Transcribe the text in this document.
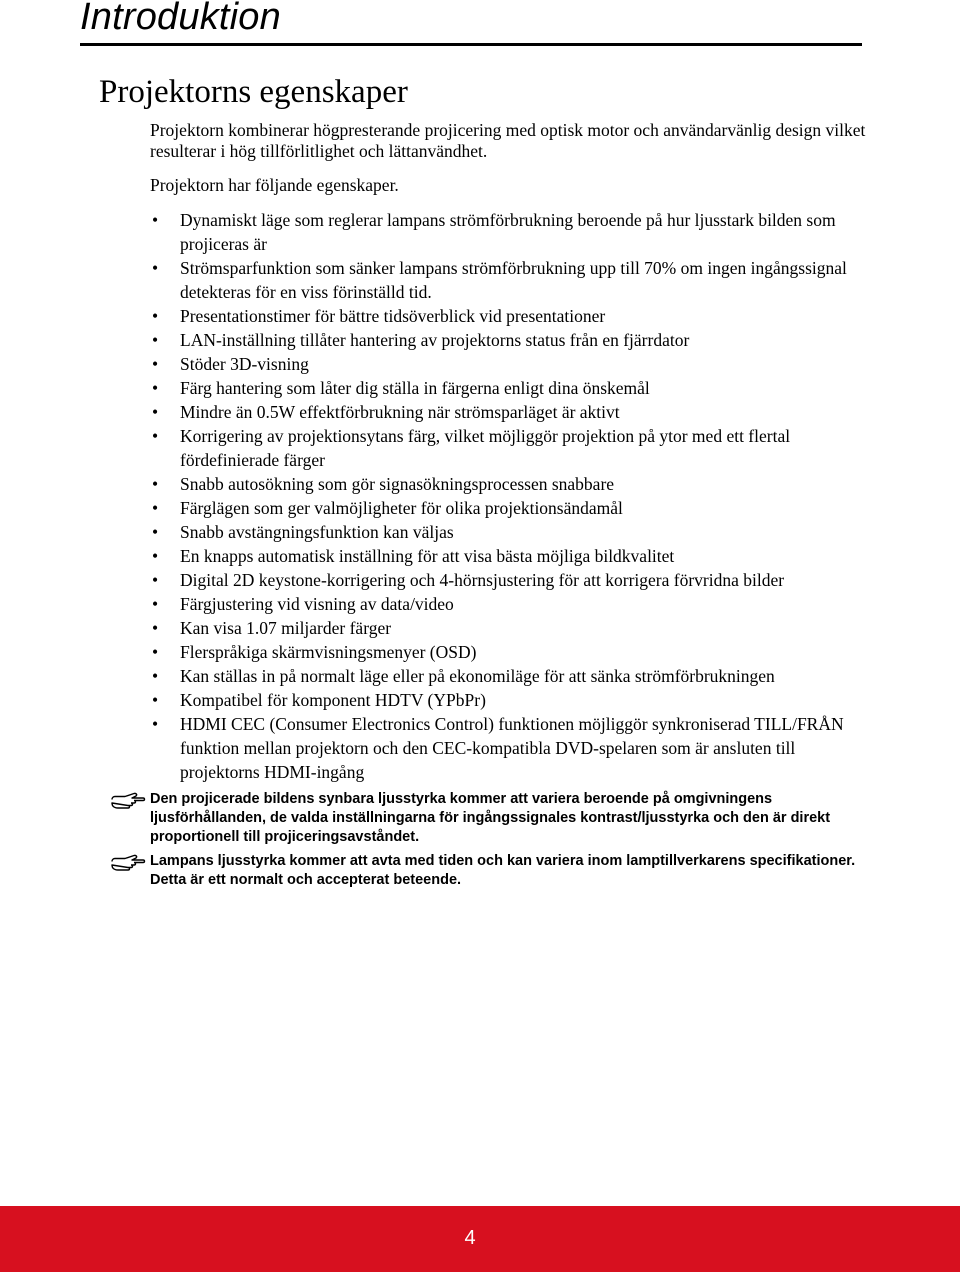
Introduktion
Projektorns egenskaper

Projektorn kombinerar högpresterande projicering med optisk motor och användarvänlig design vilket resulterar i hög tillförlitlighet och lättanvändhet.

Projektorn har följande egenskaper.

• Dynamiskt läge som reglerar lampans strömförbrukning beroende på hur ljusstark bilden som projiceras är
• Strömsparfunktion som sänker lampans strömförbrukning upp till 70% om ingen ingångssignal detekteras för en viss förinställd tid.
• Presentationstimer för bättre tidsöverblick vid presentationer
• LAN-inställning tillåter hantering av projektorns status från en fjärrdator
• Stöder 3D-visning
• Färg hantering som låter dig ställa in färgerna enligt dina önskemål
• Mindre än 0.5W effektförbrukning när strömsparläget är aktivt
• Korrigering av projektionsytans färg, vilket möjliggör projektion på ytor med ett flertal fördefinierade färger
• Snabb autosökning som gör signasökningsprocessen snabbare
• Färglägen som ger valmöjligheter för olika projektionsändamål
• Snabb avstängningsfunktion kan väljas
• En knapps automatisk inställning för att visa bästa möjliga bildkvalitet
• Digital 2D keystone-korrigering och 4-hörnsjustering för att korrigera förvridna bilder
• Färgjustering vid visning av data/video
• Kan visa 1.07 miljarder färger
• Flerspråkiga skärmvisningsmenyer (OSD)
• Kan ställas in på normalt läge eller på ekonomiläge för att sänka strömförbrukningen
• Kompatibel för komponent HDTV (YPbPr)
• HDMI CEC (Consumer Electronics Control) funktionen möjliggör synkroniserad TILL/FRÅN funktion mellan projektorn och den CEC-kompatibla DVD-spelaren som är ansluten till projektorns HDMI-ingång
Den projicerade bildens synbara ljusstyrka kommer att variera beroende på omgivningens ljusförhållanden, de valda inställningarna för ingångssignales kontrast/ljusstyrka och den är direkt proportionell till projiceringsavståndet.
Lampans ljusstyrka kommer att avta med tiden och kan variera inom lamptillverkarens specifikationer. Detta är ett normalt och accepterat beteende.
4
